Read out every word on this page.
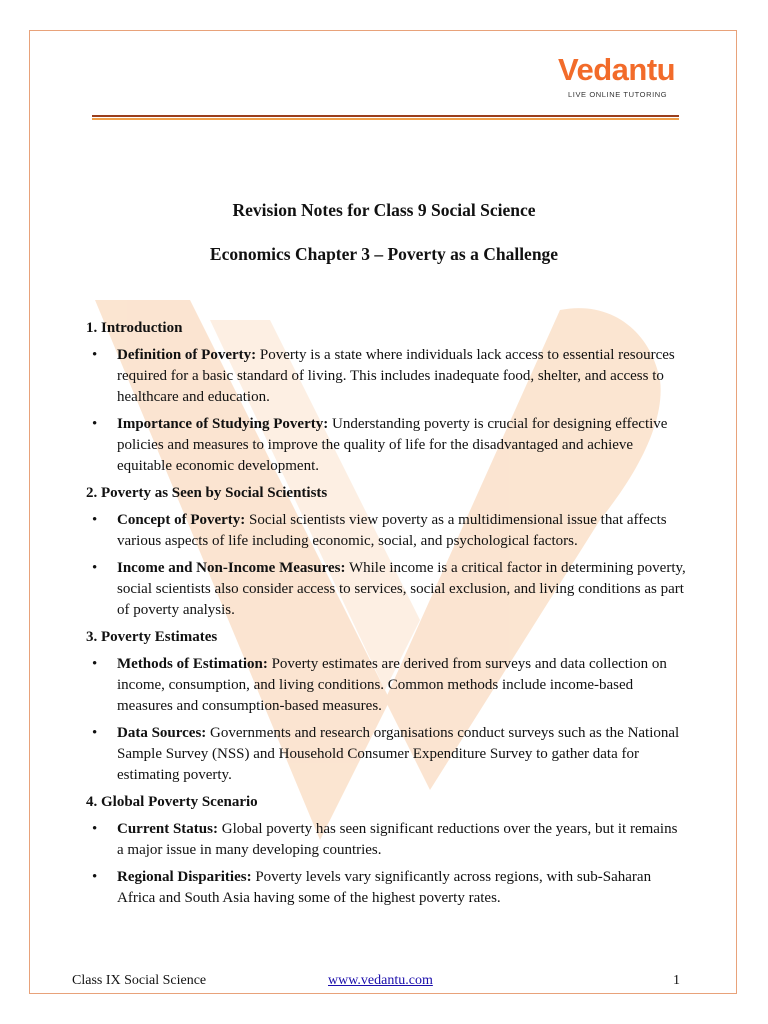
Vedantu
LIVE ONLINE TUTORING
Revision Notes for Class 9 Social Science
Economics Chapter 3 – Poverty as a Challenge

1. Introduction

• Definition of Poverty: Poverty is a state where individuals lack access to essential resources required for a basic standard of living. This includes inadequate food, shelter, and access to healthcare and education.
• Importance of Studying Poverty: Understanding poverty is crucial for designing effective policies and measures to improve the quality of life for the disadvantaged and achieve equitable economic development.

2. Poverty as Seen by Social Scientists

• Concept of Poverty: Social scientists view poverty as a multidimensional issue that affects various aspects of life including economic, social, and psychological factors.
• Income and Non-Income Measures: While income is a critical factor in determining poverty, social scientists also consider access to services, social exclusion, and living conditions as part of poverty analysis.

3. Poverty Estimates

• Methods of Estimation: Poverty estimates are derived from surveys and data collection on income, consumption, and living conditions. Common methods include income-based measures and consumption-based measures.
• Data Sources: Governments and research organisations conduct surveys such as the National Sample Survey (NSS) and Household Consumer Expenditure Survey to gather data for estimating poverty.

4. Global Poverty Scenario

• Current Status: Global poverty has seen significant reductions over the years, but it remains a major issue in many developing countries.
• Regional Disparities: Poverty levels vary significantly across regions, with sub-Saharan Africa and South Asia having some of the highest poverty rates.
Class IX Social Science	www.vedantu.com	1
